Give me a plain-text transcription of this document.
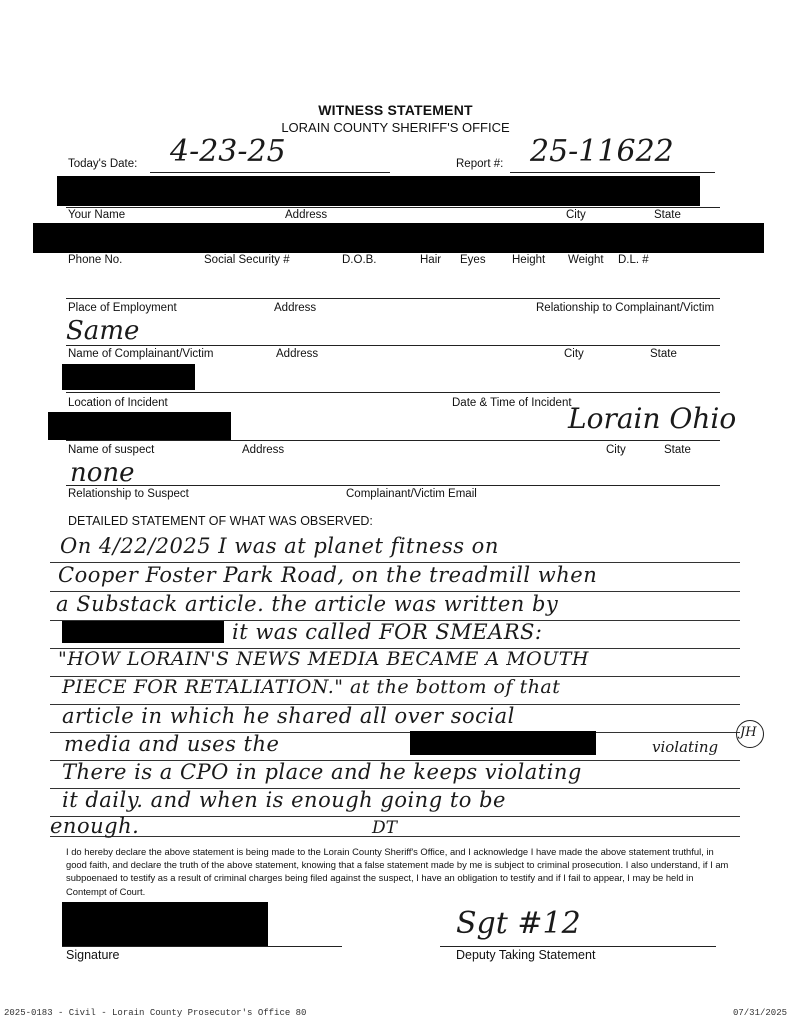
WITNESS STATEMENT
LORAIN COUNTY SHERIFF'S OFFICE
Today's Date: 4-23-25	Report #: 25-11622
Your Name	Address	City	State
Phone No.	Social Security #	D.O.B.	Hair Eyes Height Weight D.L. #
Place of Employment	Address	Relationship to Complainant/Victim
Same
Name of Complainant/Victim	Address	City	State
Location of Incident	Date & Time of Incident
Lorain Ohio
Name of suspect	Address	City	State
none
Relationship to Suspect	Complainant/Victim Email
DETAILED STATEMENT OF WHAT WAS OBSERVED:
On 4/22/2025 I was at planet fitness on
Cooper Foster Park Road, on the treadmill when
a Substack article. the article was written by
it was called FOR SMEARS:
"HOW LORAIN'S NEWS MEDIA BECAME A MOUTH
PIECE FOR RETALIATION." at the bottom of that
article in which he shared all over social
media and uses the	violating
JH
There is a CPO in place and he keeps violating
it daily. and when is enough going to be
enough.	DT
I do hereby declare the above statement is being made to the Lorain County Sheriff's Office, and I acknowledge I have made the above statement truthful, in good faith, and declare the truth of the above statement, knowing that a false statement made by me is subject to criminal prosecution. I also understand, if I am subpoenaed to testify as a result of criminal charges being filed against the suspect, I have an obligation to testify and if I fail to appear, I may be held in Contempt of Court.
Signature
Sgt #12
Deputy Taking Statement
2025-0183 - Civil - Lorain County Prosecutor's Office 80	07/31/2025
